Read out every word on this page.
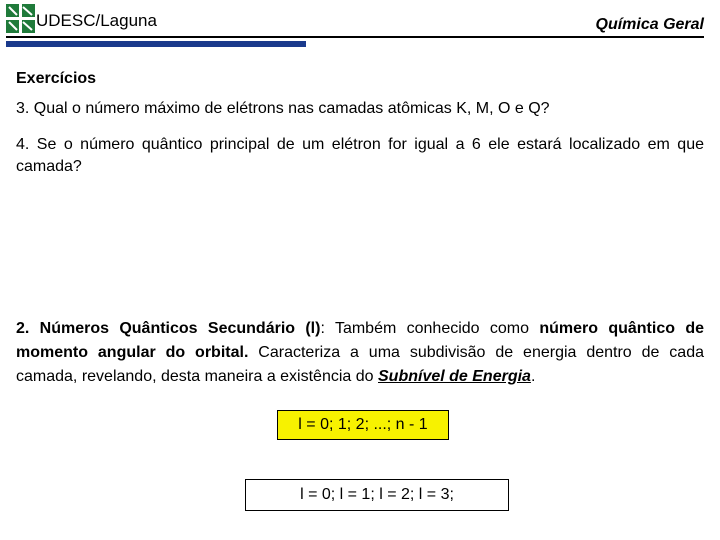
UDESC/Laguna	Química Geral
Exercícios
3. Qual o número máximo de elétrons nas camadas atômicas K, M, O e Q?
4. Se o número quântico principal de um elétron for igual a 6 ele estará localizado em que camada?
2. Números Quânticos Secundário (l): Também conhecido como número quântico de momento angular do orbital. Caracteriza a uma subdivisão de energia dentro de cada camada, revelando, desta maneira a existência do Subnível de Energia.
l = 0; 1; 2; ...; n - 1
l = 0; l = 1; l = 2; l = 3;
